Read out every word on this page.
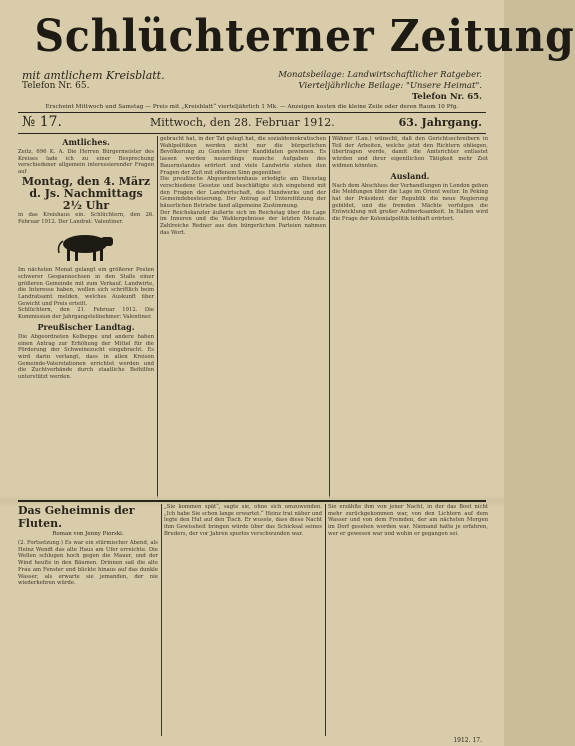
Schlüchterner Zeitung
mit amtlichem Kreisblatt.
Telefon Nr. 65.
Monatsbeilage: Landwirtschaftlicher Ratgeber.
Vierteljährliche Beilage: "Unsere Heimat".
Telefon Nr. 65.
Erscheint Mittwoch und Samstag — Preis mit „Kreisblatt“ vierteljährlich 1 Mk. — Anzeigen kosten die kleine Zeile oder deren Raum 10 Pfg.
№ 17.	Mittwoch, den 28. Februar 1912.	63. Jahrgang.
Amtliches.

Zeitz, 696 K. A. Die Herren Bürgermeister des Kreises lade ich zu einer Besprechung verschiedener allgemein interessierender Fragen auf

Montag, den 4. März d. Js. Nachmittags 2½ Uhr

in das Kreishaus ein. Schlüchtern, den 26. Februar 1912. Der Landrat: Valentiner.

Im nächsten Monat gelangt ein größerer Posten schwerer Gespannochsen in den Stalls einer größeren Gemeinde mit zum Verkauf. Landwirte, die Interesse haben, wollen sich schriftlich beim Landratsamt melden, welches Auskunft über Gewicht und Preis erteilt.

Schlüchtern, den 21. Februar 1912. Die Kommission der Jahrgangsteilnehmer: Valentiner.

Preußischer Landtag.

Die Abgeordneten Kolbeppe und andere haben einen Antrag zur Erhöhung der Mittel für die Förderung der Schweinezucht eingebracht. Es wird darin verlangt, dass in allen Kreisen Gemeinde-Vaterstationen errichtet werden und die Zuchtverbände durch staatliche Beihilfen unterstützt werden.

gebracht hat, in der Tat gelegt hat, die sozialdemokratischen Wahlpolitiken werden nicht nur die bürgerlichen Bevölkerung zu Gunsten ihrer Kandidaten gewinnen. Es lassen werden neuerdings manche Aufgaben des Bauernstandes erörtert und viele Landwirte stehen den Fragen der Zeit mit offenem Sinn gegenüber.

Die preußische Abgeordnetenhaus erledigte am Dienstag verschiedene Gesetze und beschäftigte sich eingehend mit den Fragen der Landwirtschaft, des Handwerks und der Gemeindebesteuerung. Der Antrag auf Unterstützung der bäuerlichen Betriebe fand allgemeine Zustimmung.

Der Reichskanzler äußerte sich im Reichstag über die Lage im Inneren und die Wahlergebnisse der letzten Monate. Zahlreiche Redner aus den bürgerlichen Parteien nahmen das Wort.

Wähner (Lau.) wünscht, daß den Gerichtsschreibern in Teil der Arbeiten, welche jetzt den Richtern obliegen, übertragen werde, damit die Amtsrichter entlastet würden und ihrer eigentlichen Tätigkeit mehr Zeit widmen könnten.

Ausland.

Nach dem Abschluss der Verhandlungen in London gehen die Meldungen über die Lage im Orient weiter. In Peking hat der Präsident der Republik die neue Regierung gebildet, und die fremden Mächte verfolgen die Entwicklung mit großer Aufmerksamkeit. In Italien wird die Frage der Kolonialpolitik lebhaft erörtert.

Das Geheimnis der Fluten.
Roman von Jenny Piorski.

(2. Fortsetzung.) Es war ein stürmischer Abend, als Heinz Wendt das alte Haus am Ufer erreichte. Die Wellen schlugen hoch gegen die Mauer, und der Wind heulte in den Bäumen. Drinnen saß die alte Frau am Fenster und blickte hinaus auf das dunkle Wasser, als erwarte sie jemanden, der nie wiederkehren würde.

„Sie kommen spät“, sagte sie, ohne sich umzuwenden. „Ich habe Sie schon lange erwartet.“ Heinz trat näher und legte den Hut auf den Tisch. Er wusste, dass diese Nacht ihm Gewissheit bringen würde über das Schicksal seines Bruders, der vor Jahren spurlos verschwunden war.

Sie erzählte ihm von jener Nacht, in der das Boot nicht mehr zurückgekommen war, von den Lichtern auf dem Wasser und von dem Fremden, der am nächsten Morgen im Dorf gesehen worden war. Niemand hatte je erfahren, wer er gewesen war und wohin er gegangen sei.

1912. 17.
